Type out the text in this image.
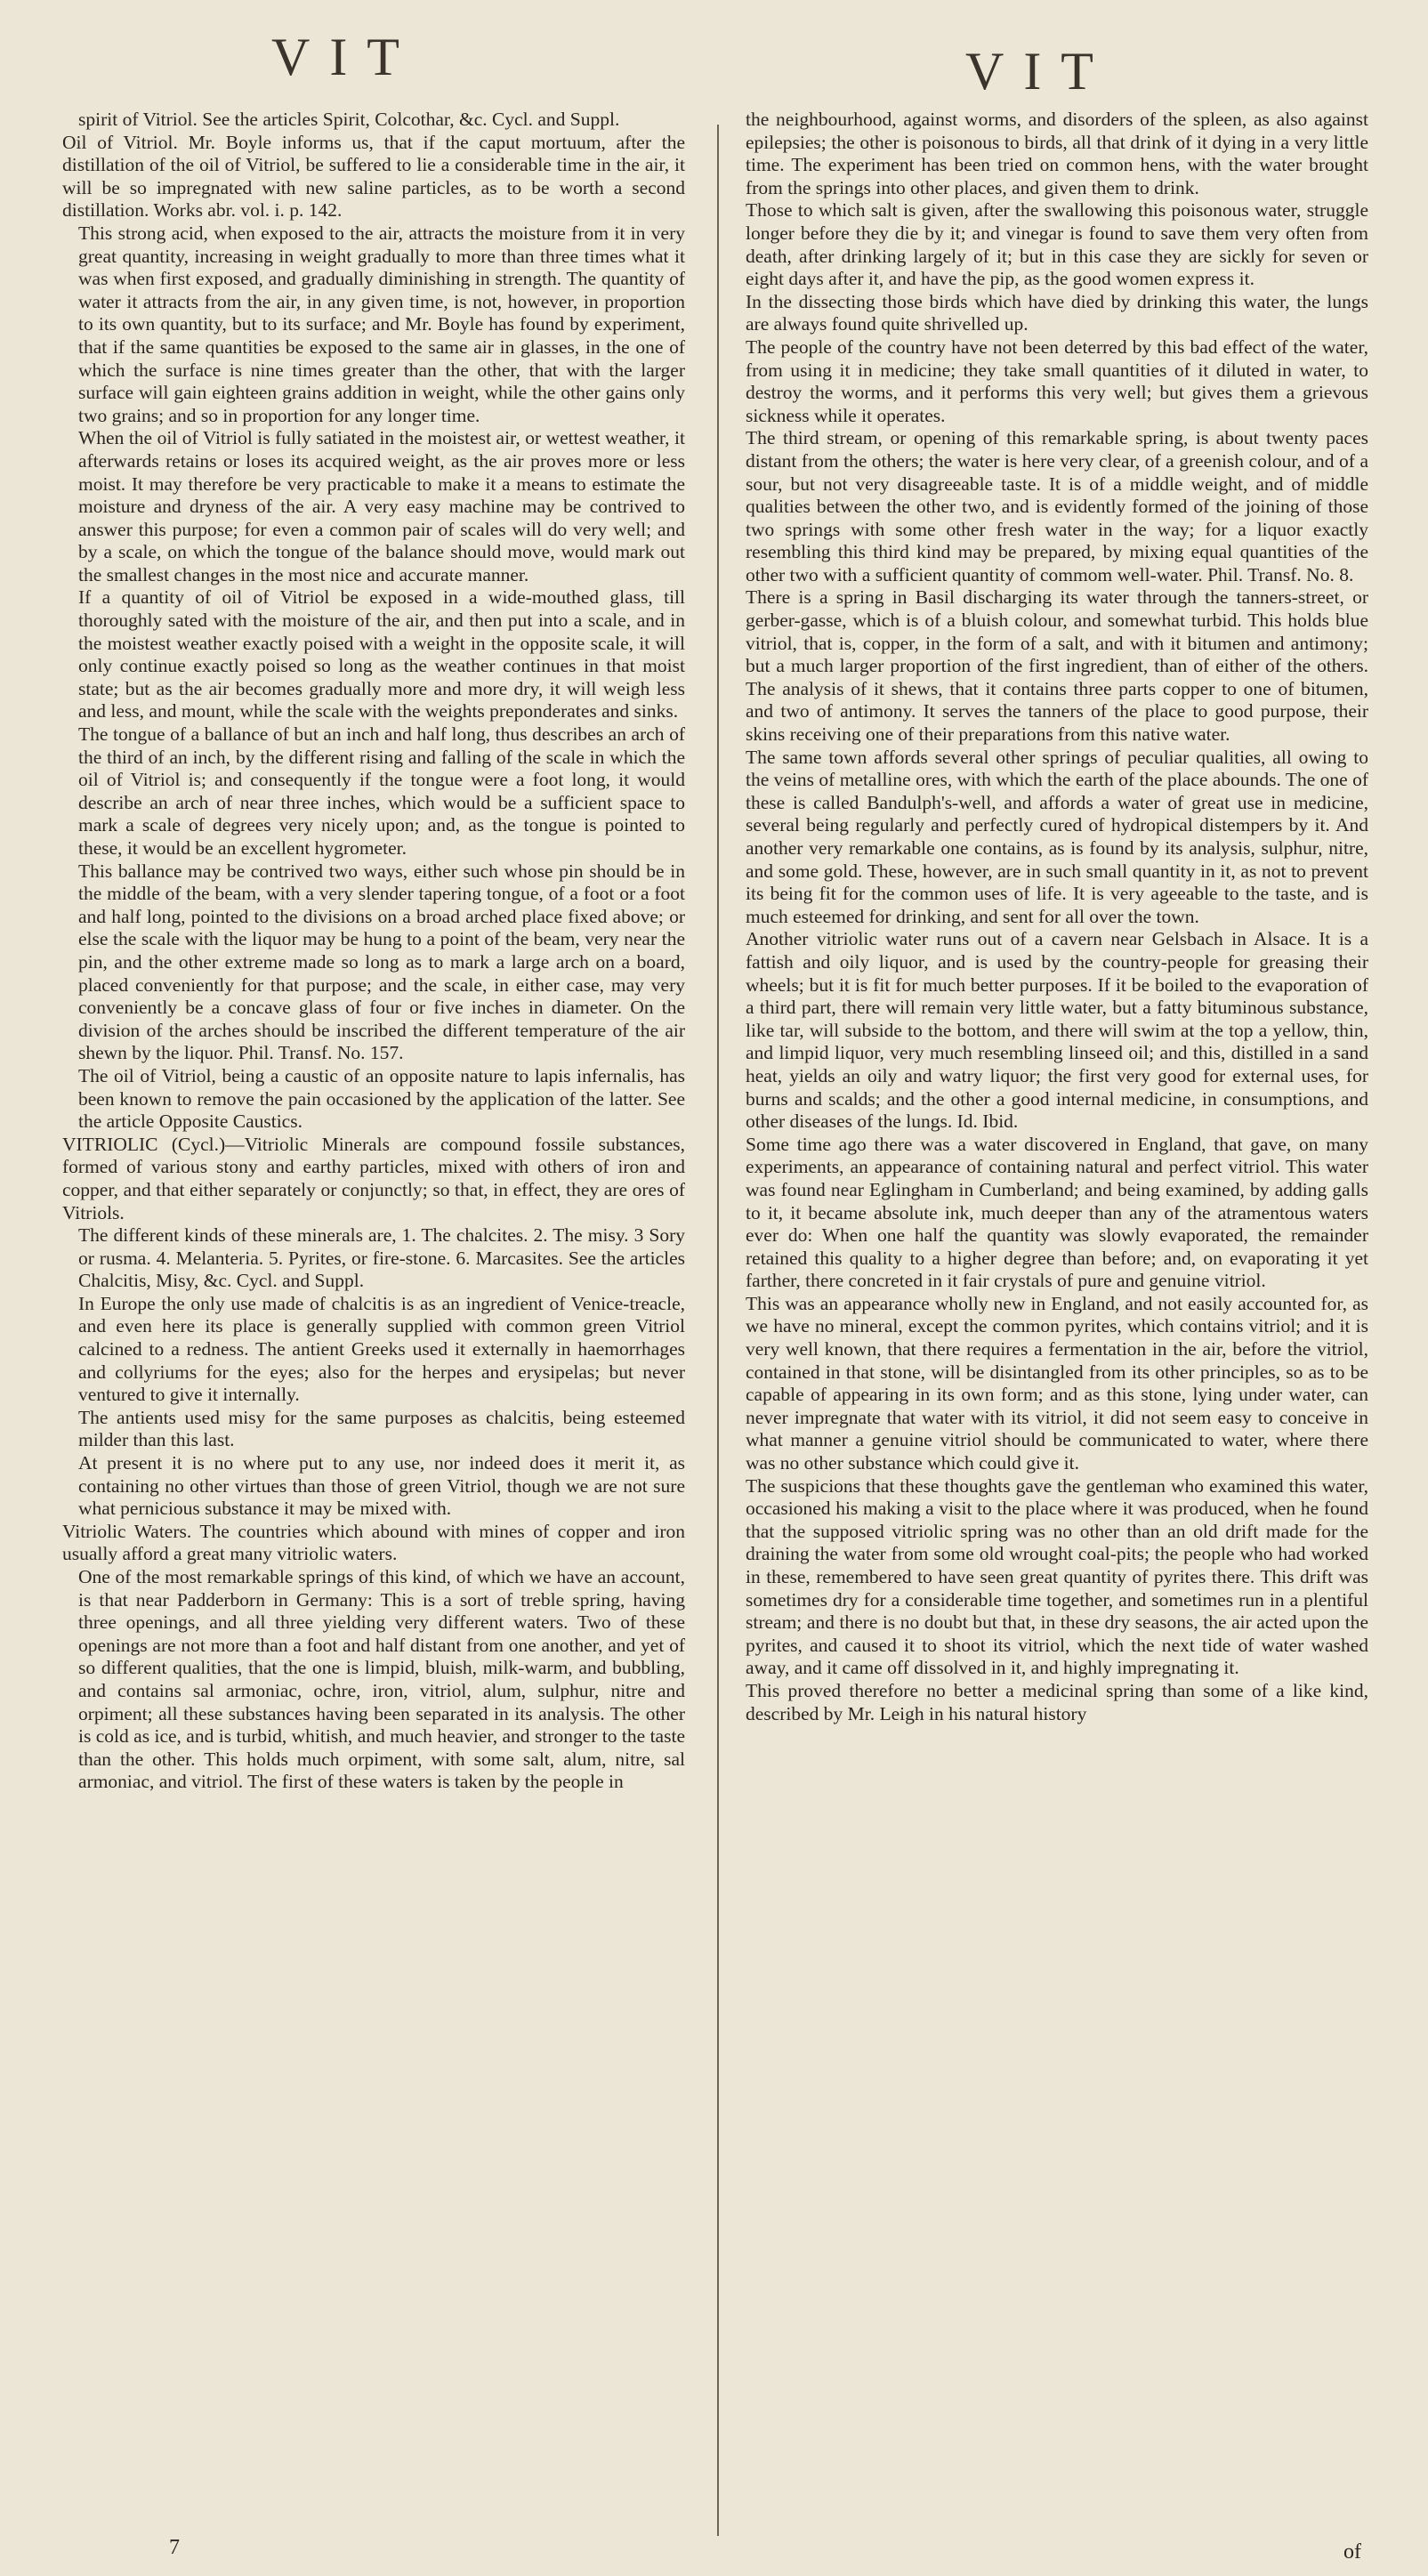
VIT	VIT

spirit of Vitriol. See the articles Spirit, Colcothar, &c. Cycl. and Suppl.

Oil of Vitriol. Mr. Boyle informs us, that if the caput mortuum, after the distillation of the oil of Vitriol, be suffered to lie a considerable time in the air, it will be so impregnated with new saline particles, as to be worth a second distillation. Works abr. vol. i. p. 142.

This strong acid, when exposed to the air, attracts the moisture from it in very great quantity, increasing in weight gradually to more than three times what it was when first exposed, and gradually diminishing in strength. The quantity of water it attracts from the air, in any given time, is not, however, in proportion to its own quantity, but to its surface; and Mr. Boyle has found by experiment, that if the same quantities be exposed to the same air in glasses, in the one of which the surface is nine times greater than the other, that with the larger surface will gain eighteen grains addition in weight, while the other gains only two grains; and so in proportion for any longer time.

When the oil of Vitriol is fully satiated in the moistest air, or wettest weather, it afterwards retains or loses its acquired weight, as the air proves more or less moist. It may therefore be very practicable to make it a means to estimate the moisture and dryness of the air. A very easy machine may be contrived to answer this purpose; for even a common pair of scales will do very well; and by a scale, on which the tongue of the balance should move, would mark out the smallest changes in the most nice and accurate manner.

If a quantity of oil of Vitriol be exposed in a wide-mouthed glass, till thoroughly sated with the moisture of the air, and then put into a scale, and in the moistest weather exactly poised with a weight in the opposite scale, it will only continue exactly poised so long as the weather continues in that moist state; but as the air becomes gradually more and more dry, it will weigh less and less, and mount, while the scale with the weights preponderates and sinks.

The tongue of a ballance of but an inch and half long, thus describes an arch of the third of an inch, by the different rising and falling of the scale in which the oil of Vitriol is; and consequently if the tongue were a foot long, it would describe an arch of near three inches, which would be a sufficient space to mark a scale of degrees very nicely upon; and, as the tongue is pointed to these, it would be an excellent hygrometer.

This ballance may be contrived two ways, either such whose pin should be in the middle of the beam, with a very slender tapering tongue, of a foot or a foot and half long, pointed to the divisions on a broad arched place fixed above; or else the scale with the liquor may be hung to a point of the beam, very near the pin, and the other extreme made so long as to mark a large arch on a board, placed conveniently for that purpose; and the scale, in either case, may very conveniently be a concave glass of four or five inches in diameter. On the division of the arches should be inscribed the different temperature of the air shewn by the liquor. Phil. Transf. No. 157.

The oil of Vitriol, being a caustic of an opposite nature to lapis infernalis, has been known to remove the pain occasioned by the application of the latter. See the article Opposite Caustics.

VITRIOLIC (Cycl.)—Vitriolic Minerals are compound fossile substances, formed of various stony and earthy particles, mixed with others of iron and copper, and that either separately or conjunctly; so that, in effect, they are ores of Vitriols.

The different kinds of these minerals are, 1. The chalcites. 2. The misy. 3 Sory or rusma. 4. Melanteria. 5. Pyrites, or fire-stone. 6. Marcasites. See the articles Chalcitis, Misy, &c. Cycl. and Suppl.

In Europe the only use made of chalcitis is as an ingredient of Venice-treacle, and even here its place is generally supplied with common green Vitriol calcined to a redness. The antient Greeks used it externally in haemorrhages and collyriums for the eyes; also for the herpes and erysipelas; but never ventured to give it internally.

The antients used misy for the same purposes as chalcitis, being esteemed milder than this last.

At present it is no where put to any use, nor indeed does it merit it, as containing no other virtues than those of green Vitriol, though we are not sure what pernicious substance it may be mixed with.

Vitriolic Waters. The countries which abound with mines of copper and iron usually afford a great many vitriolic waters.

One of the most remarkable springs of this kind, of which we have an account, is that near Padderborn in Germany: This is a sort of treble spring, having three openings, and all three yielding very different waters. Two of these openings are not more than a foot and half distant from one another, and yet of so different qualities, that the one is limpid, bluish, milk-warm, and bubbling, and contains sal armoniac, ochre, iron, vitriol, alum, sulphur, nitre and orpiment; all these substances having been separated in its analysis. The other is cold as ice, and is turbid, whitish, and much heavier, and stronger to the taste than the other. This holds much orpiment, with some salt, alum, nitre, sal armoniac, and vitriol. The first of these waters is taken by the people in

the neighbourhood, against worms, and disorders of the spleen, as also against epilepsies; the other is poisonous to birds, all that drink of it dying in a very little time. The experiment has been tried on common hens, with the water brought from the springs into other places, and given them to drink.

Those to which salt is given, after the swallowing this poisonous water, struggle longer before they die by it; and vinegar is found to save them very often from death, after drinking largely of it; but in this case they are sickly for seven or eight days after it, and have the pip, as the good women express it.

In the dissecting those birds which have died by drinking this water, the lungs are always found quite shrivelled up.

The people of the country have not been deterred by this bad effect of the water, from using it in medicine; they take small quantities of it diluted in water, to destroy the worms, and it performs this very well; but gives them a grievous sickness while it operates.

The third stream, or opening of this remarkable spring, is about twenty paces distant from the others; the water is here very clear, of a greenish colour, and of a sour, but not very disagreeable taste. It is of a middle weight, and of middle qualities between the other two, and is evidently formed of the joining of those two springs with some other fresh water in the way; for a liquor exactly resembling this third kind may be prepared, by mixing equal quantities of the other two with a sufficient quantity of commom well-water. Phil. Transf. No. 8.

There is a spring in Basil discharging its water through the tanners-street, or gerber-gasse, which is of a bluish colour, and somewhat turbid. This holds blue vitriol, that is, copper, in the form of a salt, and with it bitumen and antimony; but a much larger proportion of the first ingredient, than of either of the others. The analysis of it shews, that it contains three parts copper to one of bitumen, and two of antimony. It serves the tanners of the place to good purpose, their skins receiving one of their preparations from this native water.

The same town affords several other springs of peculiar qualities, all owing to the veins of metalline ores, with which the earth of the place abounds. The one of these is called Bandulph's-well, and affords a water of great use in medicine, several being regularly and perfectly cured of hydropical distempers by it. And another very remarkable one contains, as is found by its analysis, sulphur, nitre, and some gold. These, however, are in such small quantity in it, as not to prevent its being fit for the common uses of life. It is very ageeable to the taste, and is much esteemed for drinking, and sent for all over the town.

Another vitriolic water runs out of a cavern near Gelsbach in Alsace. It is a fattish and oily liquor, and is used by the country-people for greasing their wheels; but it is fit for much better purposes. If it be boiled to the evaporation of a third part, there will remain very little water, but a fatty bituminous substance, like tar, will subside to the bottom, and there will swim at the top a yellow, thin, and limpid liquor, very much resembling linseed oil; and this, distilled in a sand heat, yields an oily and watry liquor; the first very good for external uses, for burns and scalds; and the other a good internal medicine, in consumptions, and other diseases of the lungs. Id. Ibid.

Some time ago there was a water discovered in England, that gave, on many experiments, an appearance of containing natural and perfect vitriol. This water was found near Eglingham in Cumberland; and being examined, by adding galls to it, it became absolute ink, much deeper than any of the atramentous waters ever do: When one half the quantity was slowly evaporated, the remainder retained this quality to a higher degree than before; and, on evaporating it yet farther, there concreted in it fair crystals of pure and genuine vitriol.

This was an appearance wholly new in England, and not easily accounted for, as we have no mineral, except the common pyrites, which contains vitriol; and it is very well known, that there requires a fermentation in the air, before the vitriol, contained in that stone, will be disintangled from its other principles, so as to be capable of appearing in its own form; and as this stone, lying under water, can never impregnate that water with its vitriol, it did not seem easy to conceive in what manner a genuine vitriol should be communicated to water, where there was no other substance which could give it.

The suspicions that these thoughts gave the gentleman who examined this water, occasioned his making a visit to the place where it was produced, when he found that the supposed vitriolic spring was no other than an old drift made for the draining the water from some old wrought coal-pits; the people who had worked in these, remembered to have seen great quantity of pyrites there. This drift was sometimes dry for a considerable time together, and sometimes run in a plentiful stream; and there is no doubt but that, in these dry seasons, the air acted upon the pyrites, and caused it to shoot its vitriol, which the next tide of water washed away, and it came off dissolved in it, and highly impregnating it.

This proved therefore no better a medicinal spring than some of a like kind, described by Mr. Leigh in his natural history

7	of
